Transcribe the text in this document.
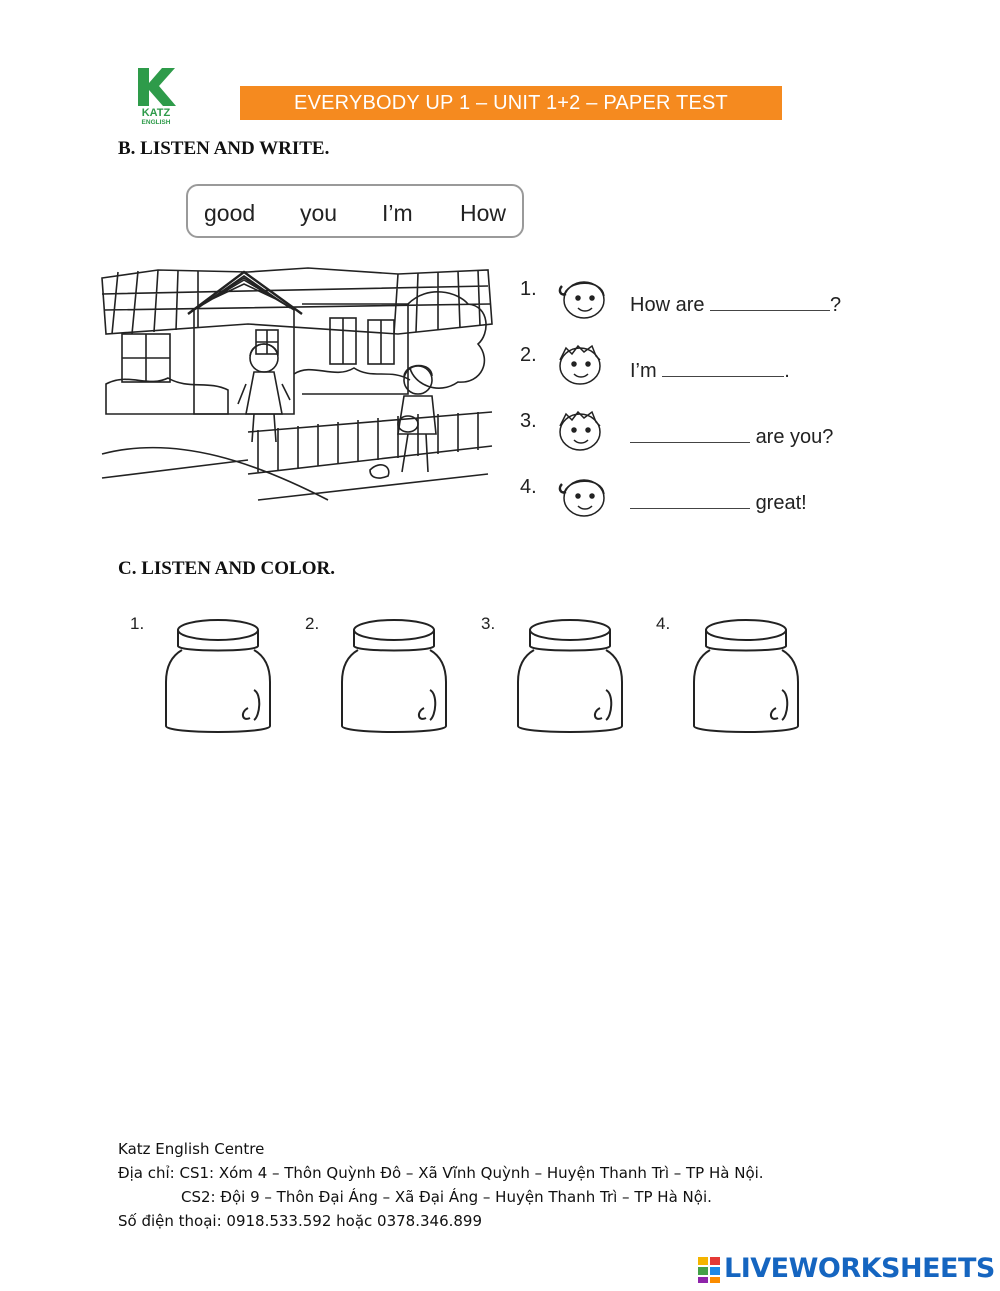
KATZ
ENGLISH
EVERYBODY UP 1 – UNIT 1+2 – PAPER TEST
B. LISTEN AND WRITE.
good you I’m How
1.
How are	?
2.
I’m	.
3.
are you?
4.
great!
C. LISTEN AND COLOR.
1.	2.	3.	4.
Katz English Centre
Địa chỉ: CS1: Xóm 4 – Thôn Quỳnh Đô – Xã Vĩnh Quỳnh – Huyện Thanh Trì – TP Hà Nội.
CS2: Đội 9 – Thôn Đại Áng – Xã Đại Áng – Huyện Thanh Trì – TP Hà Nội.
Số điện thoại: 0918.533.592 hoặc 0378.346.899
LIVEWORKSHEETS
